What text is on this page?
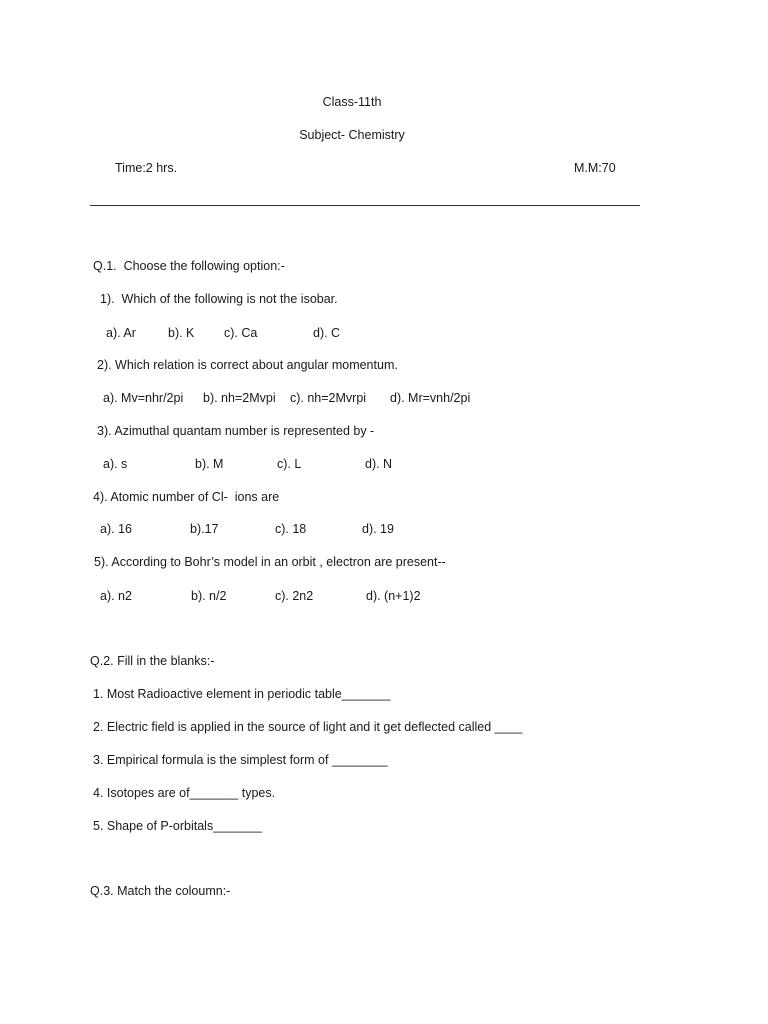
Class-11th
Subject- Chemistry
Time:2 hrs.	M.M:70
Q.1.  Choose the following option:-
1).  Which of the following is not the isobar.
a). Ar	b). K c). Ca	d). C
2). Which relation is correct about angular momentum.
a). Mv=nhr/2pi b). nh=2Mvpi c). nh=2Mvrpi d). Mr=vnh/2pi
3). Azimuthal quantam number is represented by -
a). s	b). M	c). L	d). N
4). Atomic number of Cl-  ions are
a). 16	b).17	c). 18	d). 19
5). According to Bohr’s model in an orbit , electron are present--
a). n2	b). n/2	c). 2n2	d). (n+1)2
Q.2. Fill in the blanks:-
1. Most Radioactive element in periodic table_______
2. Electric field is applied in the source of light and it get deflected called ____
3. Empirical formula is the simplest form of ________
4. Isotopes are of_______ types.
5. Shape of P-orbitals_______
Q.3. Match the coloumn:-
